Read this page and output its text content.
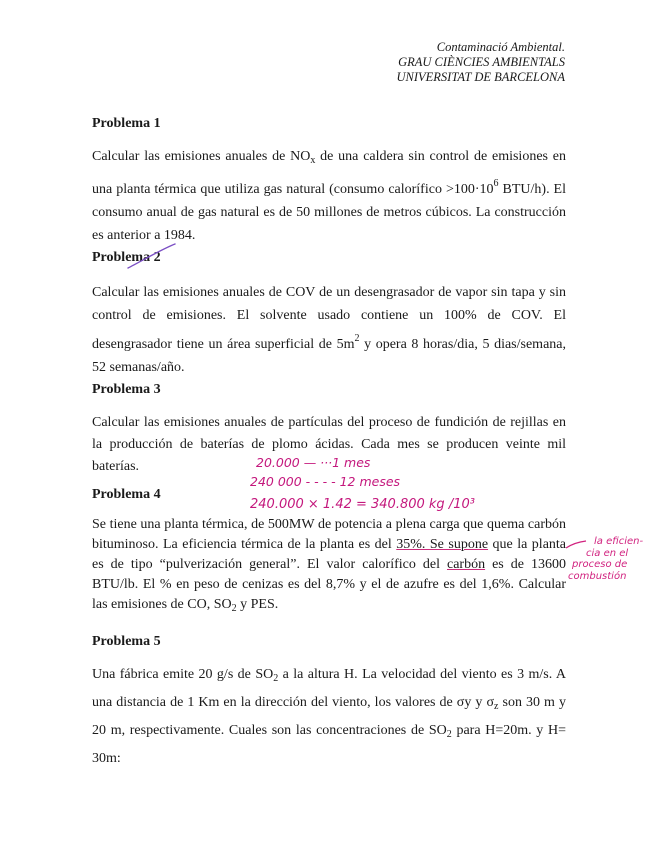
Contaminació Ambiental.
GRAU CIÈNCIES AMBIENTALS
UNIVERSITAT DE BARCELONA

Problema 1

Calcular las emisiones anuales de $NO_x$ de una caldera sin control de emisiones en una planta térmica que utiliza gas natural (consumo calorífico $>100\cdot 10^6$ BTU/h). El consumo anual de gas natural es de 50 millones de metros cúbicos. La construcción es anterior a 1984.

Problema 2

Calcular las emisiones anuales de COV de un desengrasador de vapor sin tapa y sin control de emisiones. El solvente usado contiene un 100% de COV. El desengrasador tiene un área superficial de $5m^2$ y opera 8 horas/dia, 5 dias/semana, 52 semanas/año.

Problema 3

Calcular las emisiones anuales de partículas del proceso de fundición de rejillas en la producción de baterías de plomo ácidas. Cada mes se producen veinte mil baterías.

Problema 4

Se tiene una planta térmica, de 500MW de potencia a plena carga que quema carbón bituminoso. La eficiencia térmica de la planta es del 35%. Se supone que la planta es de tipo “pulverización general”. El valor calorífico del carbón es de 13600 BTU/lb. El % en peso de cenizas es del 8,7% y el de azufre es del 1,6%. Calcular las emisiones de CO, $SO_2$ y PES.

Problema 5

Una fábrica emite 20 g/s de $SO_2$ a la altura H. La velocidad del viento es 3 m/s. A una distancia de 1 Km en la dirección del viento, los valores de σy y $\sigma_z$ son 30 m y 20 m, respectivamente. Cuales son las concentraciones de $SO_2$ para H=20m. y H= 30m:

20.000 — ···1 mes
240 000 - - - - 12 meses
240.000 × 1.42 = 340.800 kg /10³
la eficien-
cia en el
proceso de
combustión
